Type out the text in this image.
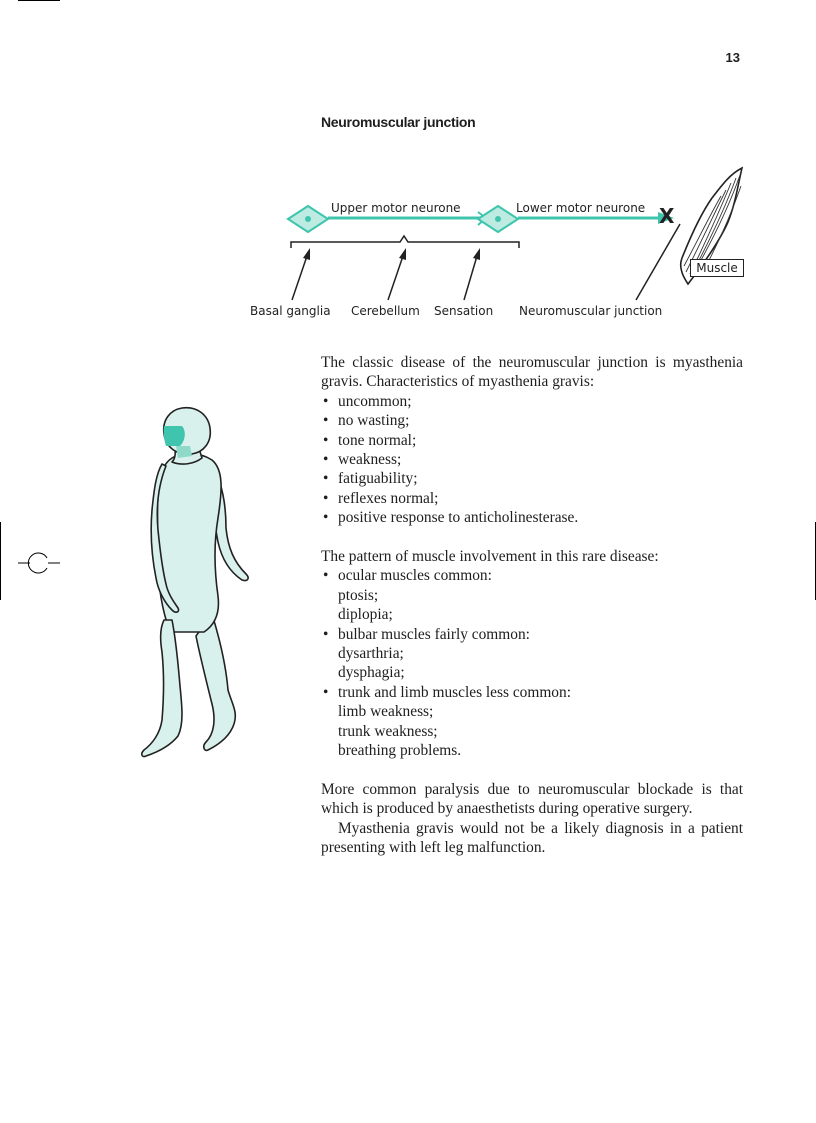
13
Neuromuscular junction
Upper motor neurone	Lower motor neurone X
Muscle
Basal ganglia Cerebellum Sensation Neuromuscular junction

The classic disease of the neuromuscular junction is myasthenia gravis. Characteristics of myasthenia gravis:

• uncommon;
• no wasting;
• tone normal;
• weakness;
• fatiguability;
• reflexes normal;
• positive response to anticholinesterase.

The pattern of muscle involvement in this rare disease:

• ocular muscles common:
ptosis;
diplopia;
• bulbar muscles fairly common:
dysarthria;
dysphagia;
• trunk and limb muscles less common:
limb weakness;
trunk weakness;
breathing problems.

More common paralysis due to neuromuscular blockade is that which is produced by anaesthetists during operative surgery.

Myasthenia gravis would not be a likely diagnosis in a patient presenting with left leg malfunction.
